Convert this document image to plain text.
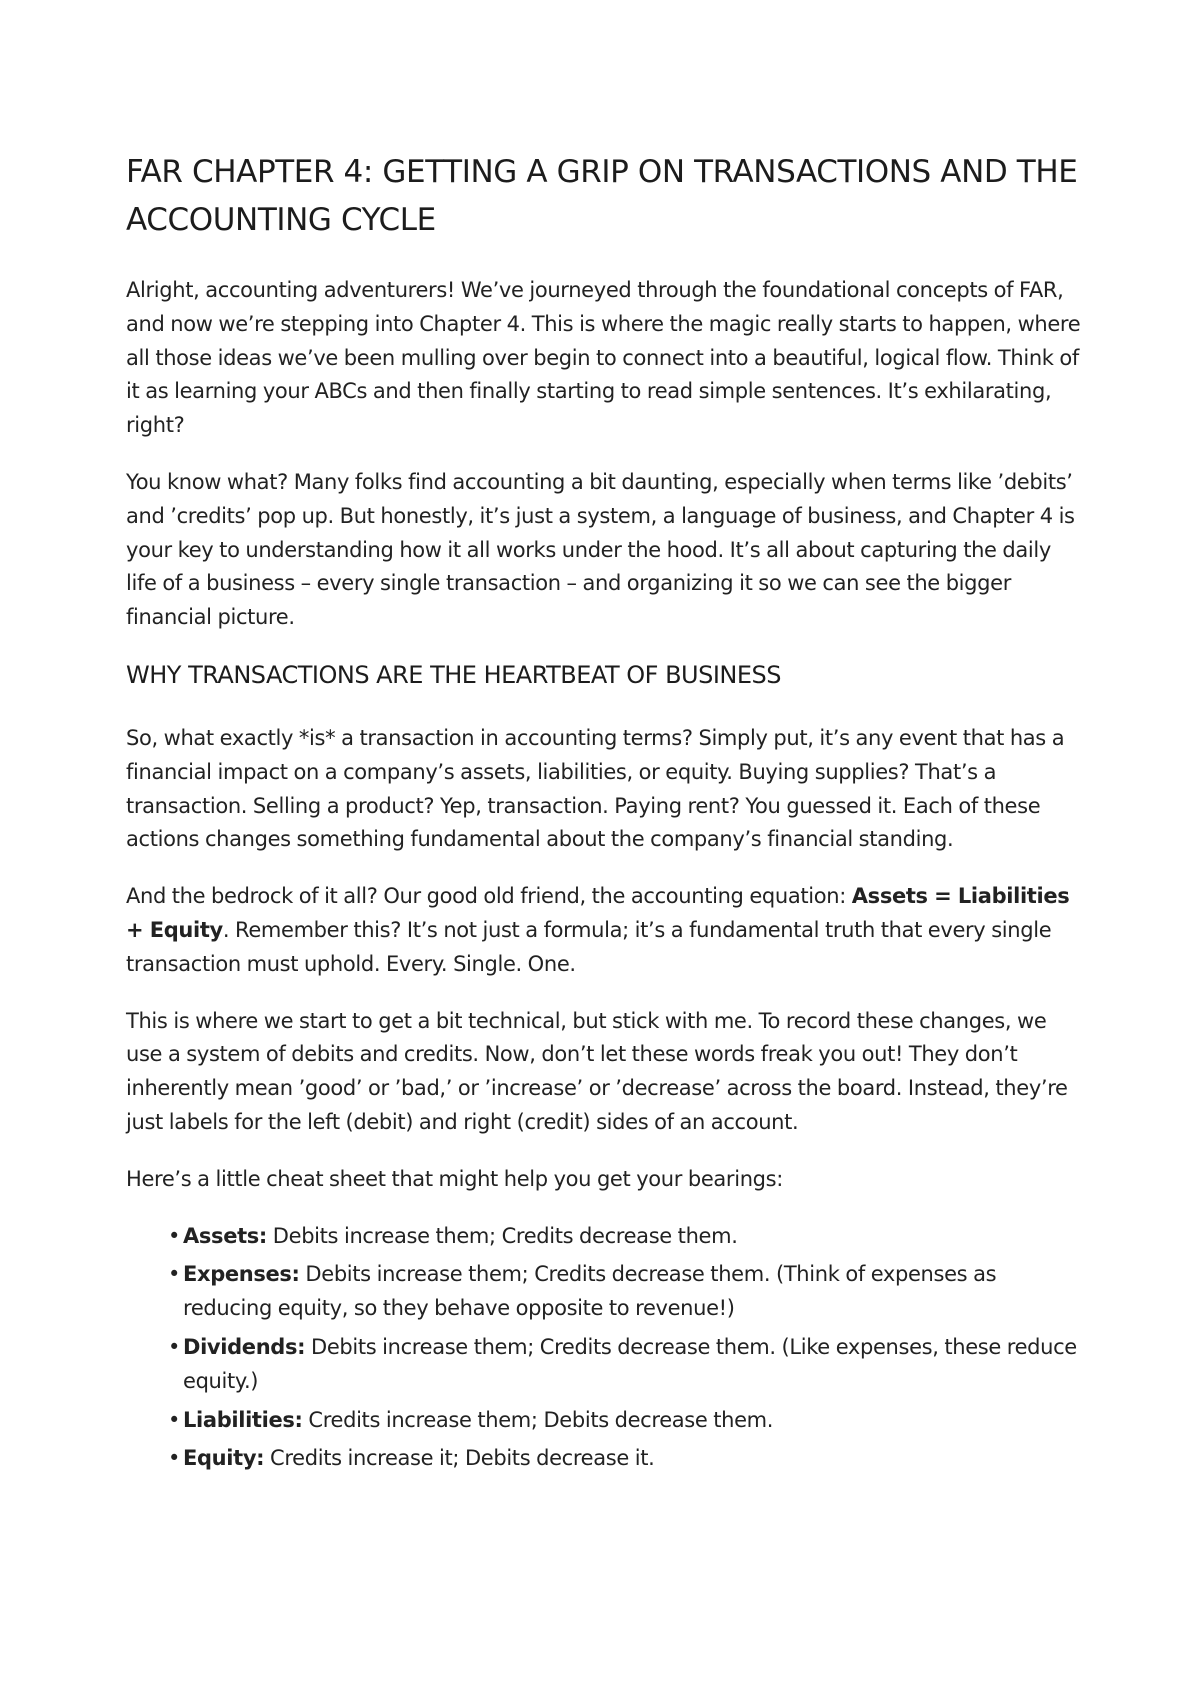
FAR CHAPTER 4: GETTING A GRIP ON TRANSACTIONS AND THE ACCOUNTING CYCLE

Alright, accounting adventurers! We’ve journeyed through the foundational concepts of FAR, and now we’re stepping into Chapter 4. This is where the magic really starts to happen, where all those ideas we’ve been mulling over begin to connect into a beautiful, logical flow. Think of it as learning your ABCs and then finally starting to read simple sentences. It’s exhilarating, right?

You know what? Many folks find accounting a bit daunting, especially when terms like ’debits’ and ’credits’ pop up. But honestly, it’s just a system, a language of business, and Chapter 4 is your key to understanding how it all works under the hood. It’s all about capturing the daily life of a business – every single transaction – and organizing it so we can see the bigger financial picture.

WHY TRANSACTIONS ARE THE HEARTBEAT OF BUSINESS

So, what exactly *is* a transaction in accounting terms? Simply put, it’s any event that has a financial impact on a company’s assets, liabilities, or equity. Buying supplies? That’s a transaction. Selling a product? Yep, transaction. Paying rent? You guessed it. Each of these actions changes something fundamental about the company’s financial standing.

And the bedrock of it all? Our good old friend, the accounting equation: Assets = Liabilities + Equity. Remember this? It’s not just a formula; it’s a fundamental truth that every single transaction must uphold. Every. Single. One.

This is where we start to get a bit technical, but stick with me. To record these changes, we use a system of debits and credits. Now, don’t let these words freak you out! They don’t inherently mean ’good’ or ’bad,’ or ’increase’ or ’decrease’ across the board. Instead, they’re just labels for the left (debit) and right (credit) sides of an account.

Here’s a little cheat sheet that might help you get your bearings:

• Assets: Debits increase them; Credits decrease them.
• Expenses: Debits increase them; Credits decrease them. (Think of expenses as reducing equity, so they behave opposite to revenue!)
• Dividends: Debits increase them; Credits decrease them. (Like expenses, these reduce equity.)
• Liabilities: Credits increase them; Debits decrease them.
• Equity: Credits increase it; Debits decrease it.
